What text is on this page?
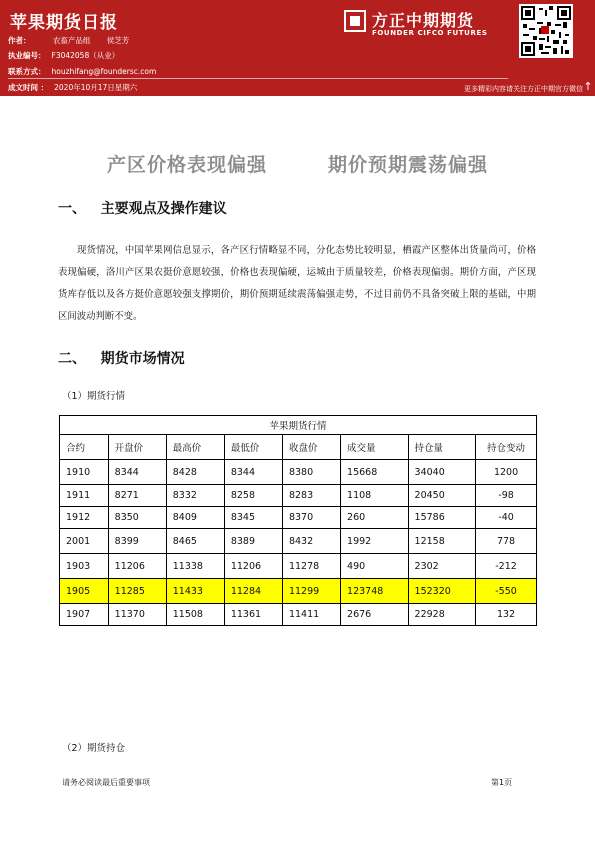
苹果期货日报
作者：	农畜产品组 侯芝芳
执业编号： F3042058（从业）
联系方式： houzhifang@foundersc.com
成文时间 ： 2020年10月17日星期六
方正中期期货
FOUNDER CIFCO FUTURES
更多精彩内容请关注方正中期官方微信 ↑
产区价格表现偏强        期价预期震荡偏强
一、   主要观点及操作建议
现货情况，中国苹果网信息显示，各产区行情略显不同，分化态势比较明显，栖霞产区整体出货量尚可，价格表现偏硬，洛川产区果农挺价意愿较强，价格也表现偏硬，运城由于质量较差，价格表现偏弱。期价方面，产区现货库存低以及各方挺价意愿较强支撑期价，期价预期延续震荡偏强走势，不过目前仍不具备突破上限的基础，中期区间波动判断不变。
二、   期货市场情况
（1）期货行情
苹果期货行情							
合约	开盘价	最高价	最低价	收盘价	成交量	持仓量	持仓变动
1910	8344	8428	8344	8380	15668	34040	1200
1911	8271	8332	8258	8283	1108	20450	-98
1912	8350	8409	8345	8370	260	15786	-40
2001	8399	8465	8389	8432	1992	12158	778
1903	11206	11338	11206	11278	490	2302	-212
1905	11285	11433	11284	11299	123748	152320	-550
1907	11370	11508	11361	11411	2676	22928	132
（2）期货持仓
请务必阅读最后重要事项	第1页
